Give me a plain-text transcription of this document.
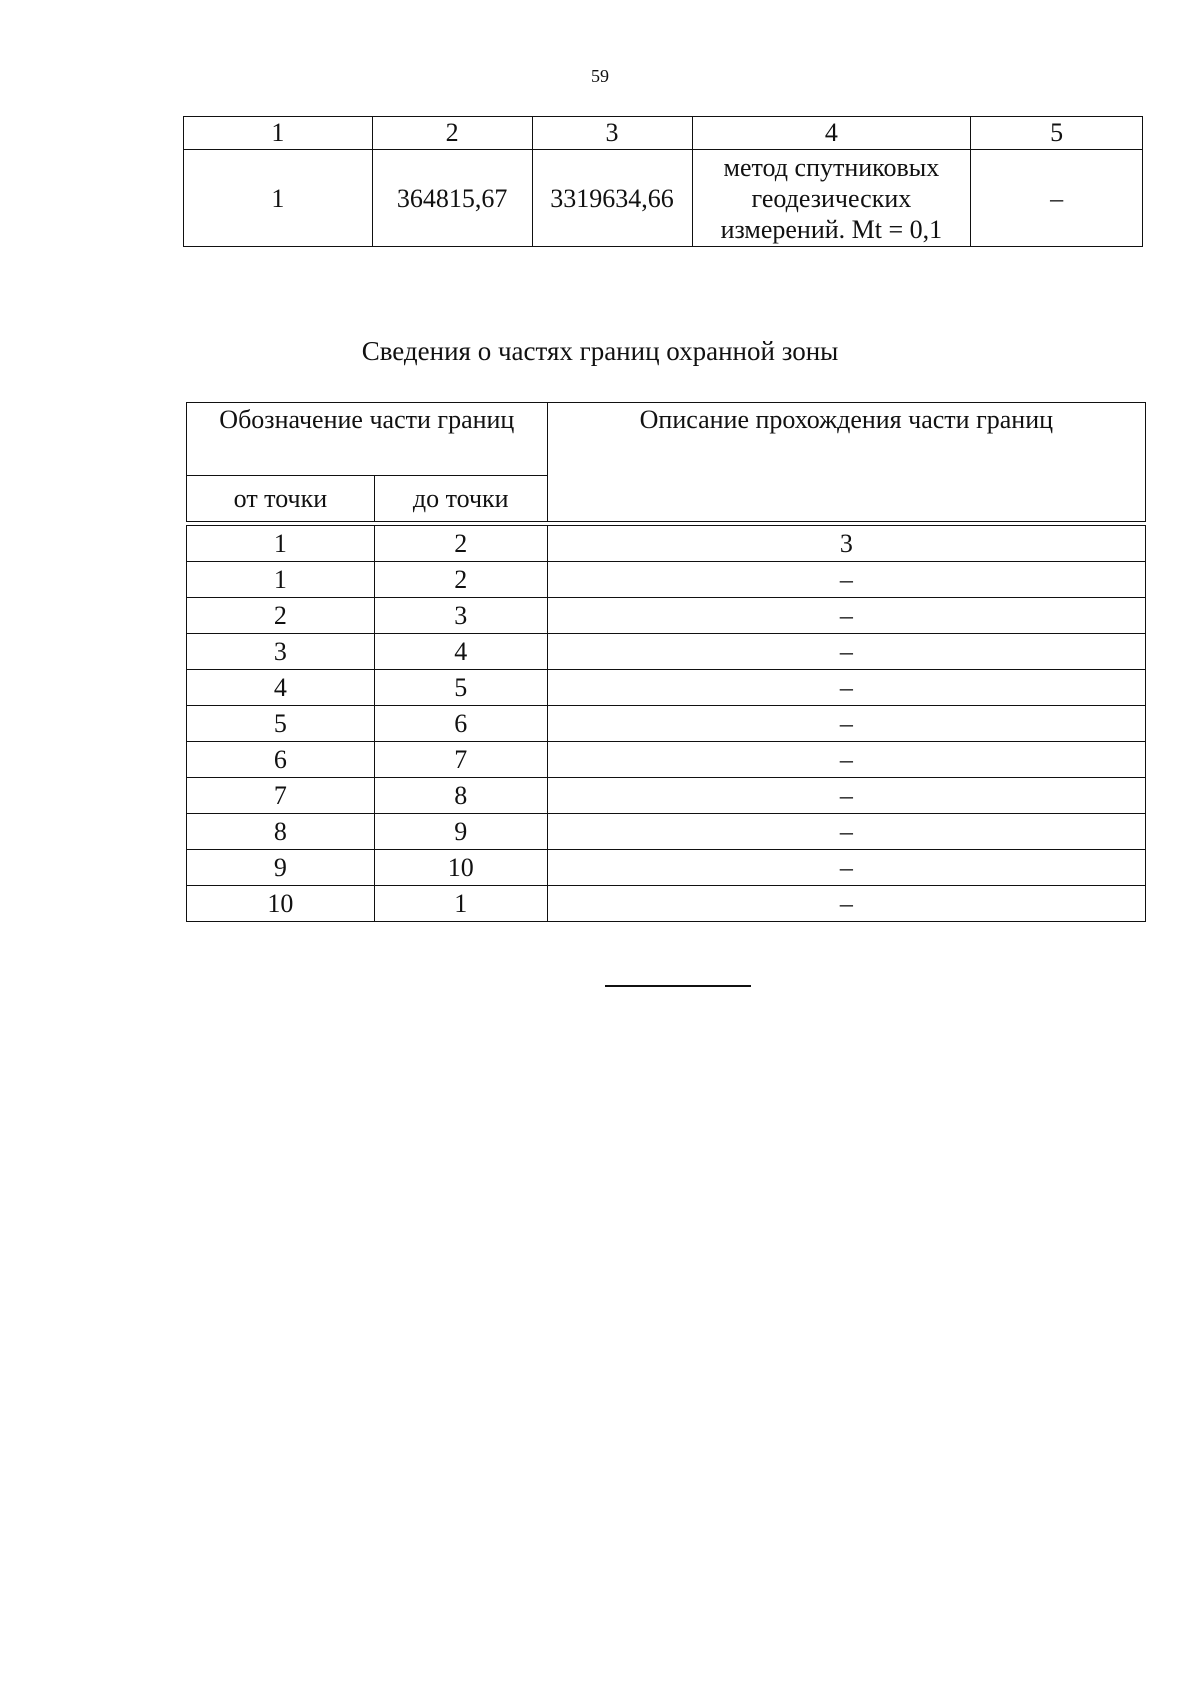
59
1	2	3	4	5
1	364815,67	3319634,66	метод спутниковых
геодезических
измерений. Mt = 0,1	–
Сведения о частях границ охранной зоны
Обозначение части границ		Описание прохождения части границ
от точки	до точки	

1	2	3
1	2	–
2	3	–
3	4	–
4	5	–
5	6	–
6	7	–
7	8	–
8	9	–
9	10	–
10	1	–
